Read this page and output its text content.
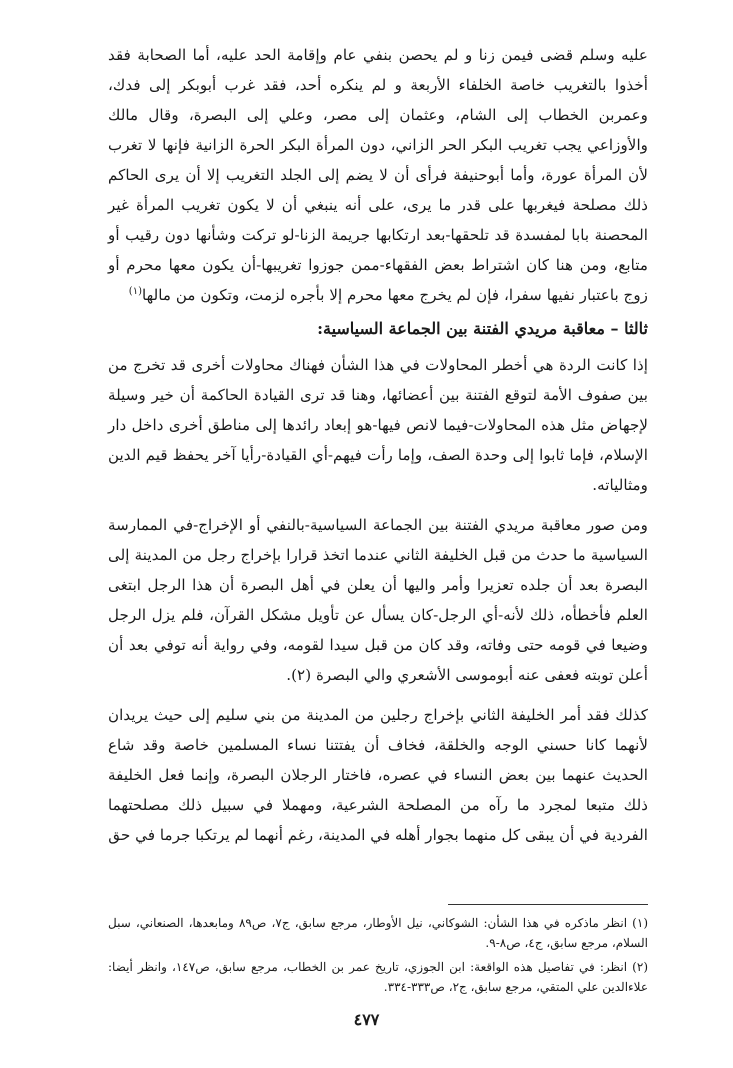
عليه وسلم قضى فيمن زنا و لم يحصن بنفي عام وإقامة الحد عليه، أما الصحابة فقد أخذوا بالتغريب خاصة الخلفاء الأربعة و لم ينكره أحد، فقد غرب أبوبكر إلى فدك، وعمربن الخطاب إلى الشام، وعثمان إلى مصر، وعلي إلى البصرة، وقال مالك والأوزاعي يجب تغريب البكر الحر الزاني، دون المرأة البكر الحرة الزانية فإنها لا تغرب لأن المرأة عورة، وأما أبوحنيفة فرأى أن لا يضم إلى الجلد التغريب إلا أن يرى الحاكم ذلك مصلحة فيغربها على قدر ما يرى، على أنه ينبغي أن لا يكون تغريب المرأة غير المحصنة بابا لمفسدة قد تلحقها-بعد ارتكابها جريمة الزنا-لو تركت وشأنها دون رقيب أو متابع، ومن هنا كان اشتراط بعض الفقهاء-ممن جوزوا تغريبها-أن يكون معها محرم أو زوج باعتبار نفيها سفرا، فإن لم يخرج معها محرم إلا بأجره لزمت، وتكون من مالها$^{(١)}$

ثالثا – معاقبة مريدي الفتنة بين الجماعة السياسية:

إذا كانت الردة هي أخطر المحاولات في هذا الشأن فهناك محاولات أخرى قد تخرج من بين صفوف الأمة لتوقع الفتنة بين أعضائها، وهنا قد ترى القيادة الحاكمة أن خير وسيلة لإجهاض مثل هذه المحاولات-فيما لانص فيها-هو إبعاد رائدها إلى مناطق أخرى داخل دار الإسلام، فإما ثابوا إلى وحدة الصف، وإما رأت فيهم-أي القيادة-رأيا آخر يحفظ قيم الدين ومثالياته.

ومن صور معاقبة مريدي الفتنة بين الجماعة السياسية-بالنفي أو الإخراج-في الممارسة السياسية ما حدث من قبل الخليفة الثاني عندما اتخذ قرارا بإخراج رجل من المدينة إلى البصرة بعد أن جلده تعزيرا وأمر واليها أن يعلن في أهل البصرة أن هذا الرجل ابتغى العلم فأخطأه، ذلك لأنه-أي الرجل-كان يسأل عن تأويل مشكل القرآن، فلم يزل الرجل وضيعا في قومه حتى وفاته، وقد كان من قبل سيدا لقومه، وفي رواية أنه توفي بعد أن أعلن توبته فعفى عنه أبوموسى الأشعري والي البصرة (٢).

كذلك فقد أمر الخليفة الثاني بإخراج رجلين من المدينة من بني سليم إلى حيث يريدان لأنهما كانا حسني الوجه والخلقة، فخاف أن يفتتنا نساء المسلمين خاصة وقد شاع الحديث عنهما بين بعض النساء في عصره، فاختار الرجلان البصرة، وإنما فعل الخليفة ذلك متبعا لمجرد ما رآه من المصلحة الشرعية، ومهملا في سبيل ذلك مصلحتهما الفردية في أن يبقى كل منهما بجوار أهله في المدينة، رغم أنهما لم يرتكبا جرما في حق

(١) انظر ماذكره في هذا الشأن: الشوكاني، نيل الأوطار، مرجع سابق، ج٧، ص٨٩ ومابعدها، الصنعاني، سبل السلام، مرجع سابق، ج٤، ص٨-٩.

(٢) انظر: في تفاصيل هذه الواقعة: ابن الجوزي، تاريخ عمر بن الخطاب، مرجع سابق، ص١٤٧، وانظر أيضا: علاءالدين علي المتقي، مرجع سابق، ج٢، ص٣٣٣-٣٣٤.

٤٧٧
